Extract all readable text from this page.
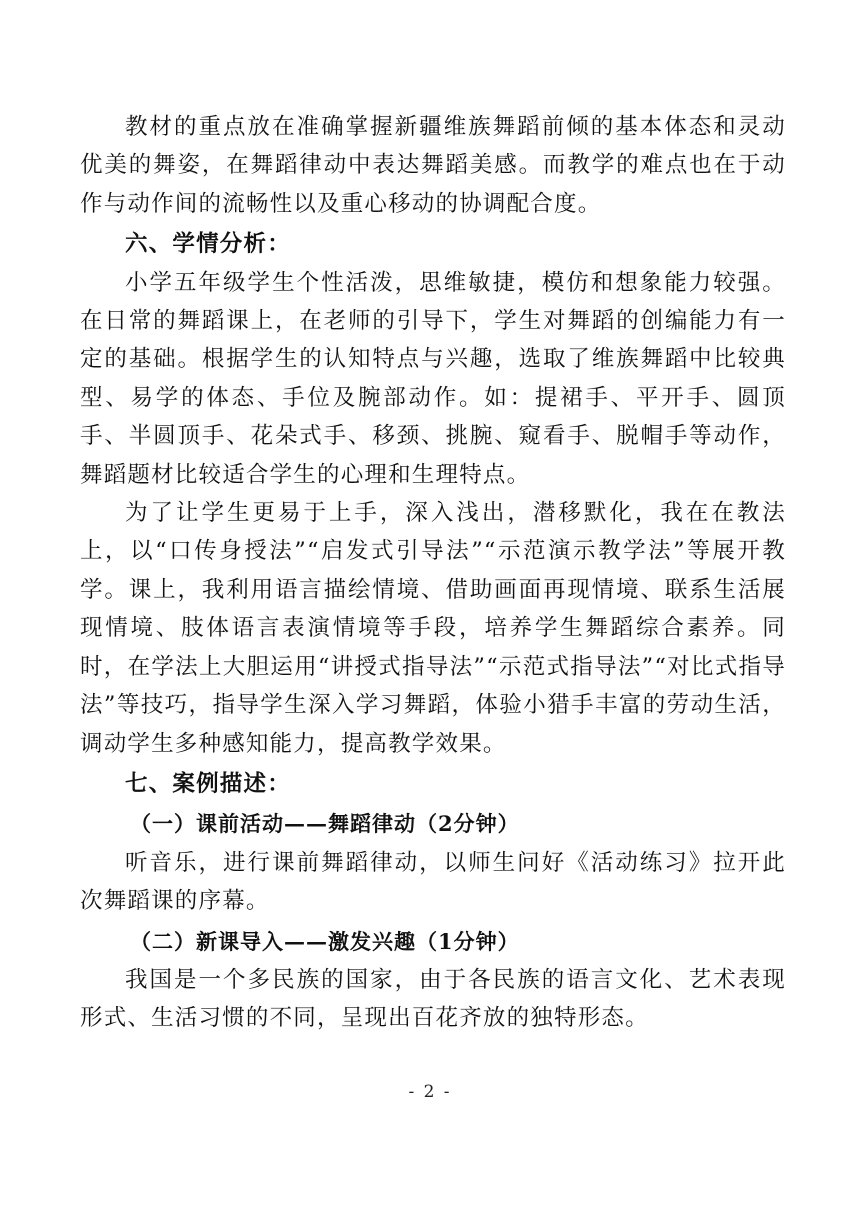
教材的重点放在准确掌握新疆维族舞蹈前倾的基本体态和灵动优美的舞姿，在舞蹈律动中表达舞蹈美感。而教学的难点也在于动作与动作间的流畅性以及重心移动的协调配合度。

六、学情分析：

小学五年级学生个性活泼，思维敏捷，模仿和想象能力较强。在日常的舞蹈课上，在老师的引导下，学生对舞蹈的创编能力有一定的基础。根据学生的认知特点与兴趣，选取了维族舞蹈中比较典型、易学的体态、手位及腕部动作。如：提裙手、平开手、圆顶手、半圆顶手、花朵式手、移颈、挑腕、窥看手、脱帽手等动作，舞蹈题材比较适合学生的心理和生理特点。

为了让学生更易于上手，深入浅出，潜移默化，我在在教法上，以“口传身授法”“启发式引导法”“示范演示教学法”等展开教学。课上，我利用语言描绘情境、借助画面再现情境、联系生活展现情境、肢体语言表演情境等手段，培养学生舞蹈综合素养。同时，在学法上大胆运用“讲授式指导法”“示范式指导法”“对比式指导法”等技巧，指导学生深入学习舞蹈，体验小猎手丰富的劳动生活，调动学生多种感知能力，提高教学效果。

七、案例描述：

（一）课前活动——舞蹈律动（2分钟）

听音乐，进行课前舞蹈律动，以师生问好《活动练习》拉开此次舞蹈课的序幕。

（二）新课导入——激发兴趣（1分钟）

我国是一个多民族的国家，由于各民族的语言文化、艺术表现形式、生活习惯的不同，呈现出百花齐放的独特形态。

- 2 -
